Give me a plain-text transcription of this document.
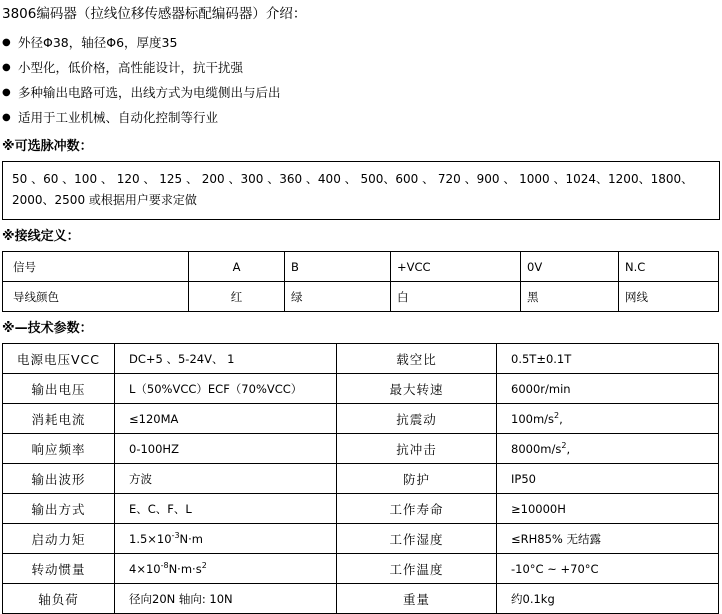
3806编码器（拉线位移传感器标配编码器）介绍：
● 外径Φ38，轴径Φ6，厚度35
● 小型化，低价格，高性能设计，抗干扰强
● 多种输出电路可选，出线方式为电缆侧出与后出
● 适用于工业机械、自动化控制等行业
※可选脉冲数：
50 、60 、100 、 120 、 125 、 200 、300 、360 、400 、 500、600 、 720 、900 、 1000 、1024、1200、1800、
2000、2500 或根据用户要求定做
※接线定义：
信号	A	B	+VCC	0V	N.C
导线颜色	红	绿	白	黑	网线
※—技术参数：
电源电压VCC	DC+5 、5-24V、 1	载空比	0.5T±0.1T
输出电压	L（50%VCC）ECF（70%VCC）	最大转速	6000r/min
消耗电流	≤120MA	抗震动	$100m/s^2$,
响应频率	0-100HZ	抗冲击	$8000m/s^2$,
输出波形	方波	防护	IP50
输出方式	E、C、F、L	工作寿命	≥10000H
启动力矩	$1.5\times 10^{-3}N\cdot m$	工作湿度	≤RH85% 无结露
转动惯量	$4\times 10^{-8}N\cdot m\cdot s^2$	工作温度	-10°C ~ +70°C
轴负荷	径向20N 轴向: 10N	重量	约0.1kg
